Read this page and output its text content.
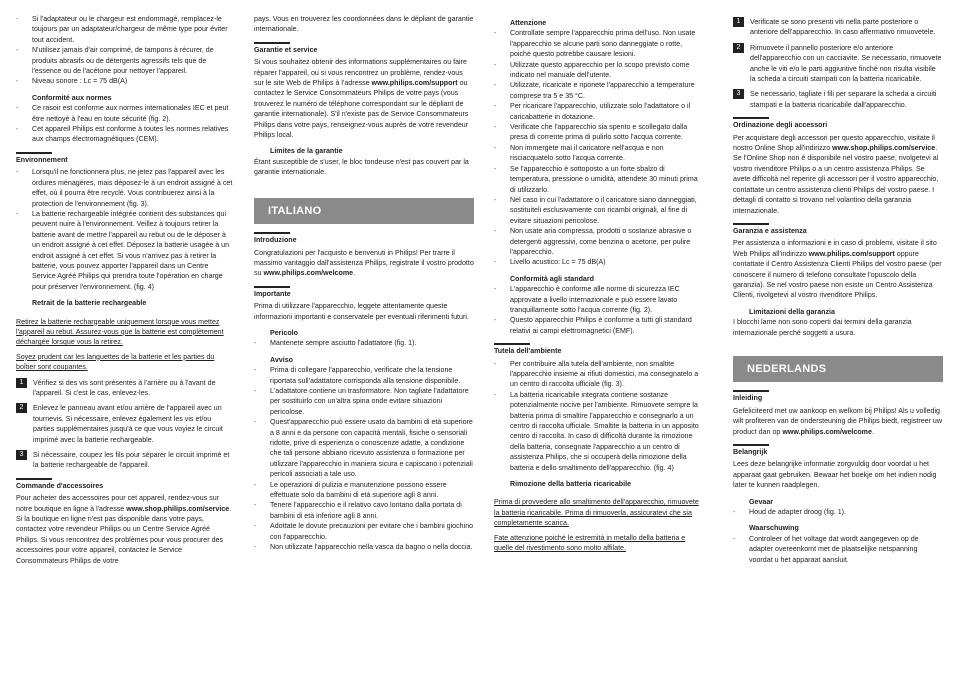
- Si l'adaptateur ou le chargeur est endommagé, remplacez-le toujours par un adaptateur/chargeur de même type pour éviter tout accident.
- N'utilisez jamais d'air comprimé, de tampons à récurer, de produits abrasifs ou de détergents agressifs tels que de l'essence ou de l'acétone pour nettoyer l'appareil.
- Niveau sonore : Lc = 75 dB(A)
Conformité aux normes
- Ce rasoir est conforme aux normes internationales IEC et peut être nettoyé à l'eau en toute sécurité (fig. 2).
- Cet appareil Philips est conforme à toutes les normes relatives aux champs électromagnétiques (CEM).
Environnement
- Lorsqu'il ne fonctionnera plus, ne jetez pas l'appareil avec les ordures ménagères, mais déposez-le à un endroit assigné à cet effet, où il pourra être recyclé. Vous contribuerez ainsi à la protection de l'environnement (fig. 3).
- La batterie rechargeable intégrée contient des substances qui peuvent nuire à l'environnement. Veillez à toujours retirer la batterie avant de mettre l'appareil au rebut ou de le déposer à un endroit assigné à cet effet. Déposez la batterie usagée à un endroit assigné à cet effet. Si vous n'arrivez pas à retirer la batterie, vous pouvez apporter l'appareil dans un Centre Service Agréé Philips qui prendra toute l'opération en charge pour préserver l'environnement. (fig. 4)
Retrait de la batterie rechargeable

Retirez la batterie rechargeable uniquement lorsque vous mettez l'appareil au rebut. Assurez-vous que la batterie est complètement déchargée lorsque vous la retirez.

Soyez prudent car les languettes de la batterie et les parties du boîtier sont coupantes.

1	Vérifiez si des vis sont présentes à l'arrière ou à l'avant de l'appareil. Si c'est le cas, enlevez-les.
2	Enlevez le panneau avant et/ou arrière de l'appareil avec un tournevis. Si nécessaire, enlevez également les vis et/ou parties supplémentaires jusqu'à ce que vous voyiez le circuit imprimé avec la batterie rechargeable.
3	Si nécessaire, coupez les fils pour séparer le circuit imprimé et la batterie rechargeable de l'appareil.
Commande d'accessoires

Pour acheter des accessoires pour cet appareil, rendez-vous sur notre boutique en ligne à l'adresse www.shop.philips.com/service. Si la boutique en ligne n'est pas disponible dans votre pays, contactez votre revendeur Philips ou un Centre Service Agréé Philips. Si vous rencontrez des problèmes pour vous procurer des accessoires pour votre appareil, contactez le Service Consommateurs Philips de votre

pays. Vous en trouverez les coordonnées dans le dépliant de garantie internationale.

Garantie et service

Si vous souhaitez obtenir des informations supplémentaires ou faire réparer l'appareil, ou si vous rencontrez un problème, rendez-vous sur le site Web de Philips à l'adresse www.philips.com/support ou contactez le Service Consommateurs Philips de votre pays (vous trouverez le numéro de téléphone correspondant sur le dépliant de garantie internationale). S'il n'existe pas de Service Consommateurs Philips dans votre pays, renseignez-vous auprès de votre revendeur Philips local.

Limites de la garantie

Étant susceptible de s'user, le bloc tondeuse n'est pas couvert par la garantie internationale.

ITALIANO
Introduzione

Congratulazioni per l'acquisto e benvenuti in Philips! Per trarre il massimo vantaggio dall'assistenza Philips, registrate il vostro prodotto su www.philips.com/welcome.

Importante

Prima di utilizzare l'apparecchio, leggete attentamente queste informazioni importanti e conservatele per eventuali riferimenti futuri.

Pericolo
- Mantenete sempre asciutto l'adattatore (fig. 1).
Avviso
- Prima di collegare l'apparecchio, verificate che la tensione riportata sull'adattatore corrisponda alla tensione disponibile.
- L'adattatore contiene un trasformatore. Non tagliate l'adattatore per sostituirlo con un'altra spina onde evitare situazioni pericolose.
- Quest'apparecchio può essere usato da bambini di età superiore a 8 anni e da persone con capacità mentali, fisiche o sensoriali ridotte, prive di esperienza o conoscenze adatte, a condizione che tali persone abbiano ricevuto assistenza o formazione per utilizzare l'apparecchio in maniera sicura e capiscano i potenziali pericoli associati a tale uso.
- Le operazioni di pulizia e manutenzione possono essere effettuate solo da bambini di età superiore agli 8 anni.
- Tenere l'apparecchio e il relativo cavo lontano dalla portata di bambini di età inferiore agli 8 anni.
- Adottate le dovute precauzioni per evitare che i bambini giochino con l'apparecchio.
- Non utilizzate l'apparecchio nella vasca da bagno o nella doccia.
Attenzione
- Controllate sempre l'apparecchio prima dell'uso. Non usate l'apparecchio se alcune parti sono danneggiate o rotte, poiché questo potrebbe causare lesioni.
- Utilizzate questo apparecchio per lo scopo previsto come indicato nel manuale dell'utente.
- Utilizzate, ricaricate e riponete l'apparecchio a temperature comprese tra 5 e 35 °C.
- Per ricaricare l'apparecchio, utilizzate solo l'adattatore o il caricabatterie in dotazione.
- Verificate che l'apparecchio sia spento e scollegato dalla presa di corrente prima di pulirlo sotto l'acqua corrente.
- Non immergete mai il caricatore nell'acqua e non risciacquatelo sotto l'acqua corrente.
- Se l'apparecchio è sottoposto a un forte sbalzo di temperatura, pressione o umidità, attendete 30 minuti prima di utilizzarlo.
- Nel caso in cui l'adattatore o il caricatore siano danneggiati, sostituiteli esclusivamente con ricambi originali, al fine di evitare situazioni pericolose.
- Non usate aria compressa, prodotti o sostanze abrasive o detergenti aggressivi, come benzina o acetone, per pulire l'apparecchio.
- Livello acustico: Lc = 75 dB(A)
Conformità agli standard
- L'apparecchio è conforme alle norme di sicurezza IEC approvate a livello internazionale e può essere lavato tranquillamente sotto l'acqua corrente (fig. 2).
- Questo apparecchio Philips è conforme a tutti gli standard relativi ai campi elettromagnetici (EMF).
Tutela dell'ambiente
- Per contribuire alla tutela dell'ambiente, non smaltite l'apparecchio insieme ai rifiuti domestici, ma consegnatelo a un centro di raccolta ufficiale (fig. 3).
- La batteria ricaricabile integrata contiene sostanze potenzialmente nocive per l'ambiente. Rimuovete sempre la batteria prima di smaltire l'apparecchio e consegnarlo a un centro di raccolta ufficiale. Smaltite la batteria in un apposito centro di raccolta. In caso di difficoltà durante la rimozione della batteria, consegnate l'apparecchio a un centro di assistenza Philips, che si occuperà della rimozione della batteria e dello smaltimento dell'apparecchio. (fig. 4)
Rimozione della batteria ricaricabile

Prima di provvedere allo smaltimento dell'apparecchio, rimuovete la batteria ricaricabile. Prima di rimuoverla, assicuratevi che sia completamente scarica.

Fate attenzione poiché le estremità in metallo della batteria e quelle del rivestimento sono molto affilate.

1	Verificate se sono presenti viti nella parte posteriore o anteriore dell'apparecchio. In caso affermativo rimuovetele.
2	Rimuovete il pannello posteriore e/o anteriore dell'apparecchio con un cacciavite. Se necessario, rimuovete anche le viti e/o le parti aggiuntive finché non risulta visibile la scheda a circuiti stampati con la batteria ricaricabile.
3	Se necessario, tagliate i fili per separare la scheda a circuiti stampati e la batteria ricaricabile dall'apparecchio.
Ordinazione degli accessori

Per acquistare degli accessori per questo apparecchio, visitate il nostro Online Shop all'indirizzo www.shop.philips.com/service. Se l'Online Shop non è disponibile nel vostro paese, rivolgetevi al vostro rivenditore Philips o a un centro assistenza Philips. Se avete difficoltà nel reperire gli accessori per il vostro apparecchio, contattate un centro assistenza clienti Philips del vostro paese. I dettagli di contatto si trovano nel volantino della garanzia internazionale.

Garanzia e assistenza

Per assistenza o informazioni e in caso di problemi, visitate il sito Web Philips all'indirizzo www.philips.com/support oppure contattate il Centro Assistenza Clienti Philips del vostro paese (per conoscere il numero di telefono consultate l'opuscolo della garanzia). Se nel vostro paese non esiste un Centro Assistenza Clienti, rivolgetevi al vostro rivenditore Philips.

Limitazioni della garanzia

I blocchi lame non sono coperti dai termini della garanzia internazionale perché soggetti a usura.

NEDERLANDS
Inleiding

Gefeliciteerd met uw aankoop en welkom bij Philips! Als u volledig wilt profiteren van de ondersteuning die Philips biedt, registreer uw product dan op www.philips.com/welcome.

Belangrijk

Lees deze belangrijke informatie zorgvuldig door voordat u het apparaat gaat gebruiken. Bewaar het boekje om het indien nodig later te kunnen raadplegen.

Gevaar
- Houd de adapter droog (fig. 1).
Waarschuwing
- Controleer of het voltage dat wordt aangegeven op de adapter overeenkomt met de plaatselijke netspanning voordat u het apparaat aansluit.
